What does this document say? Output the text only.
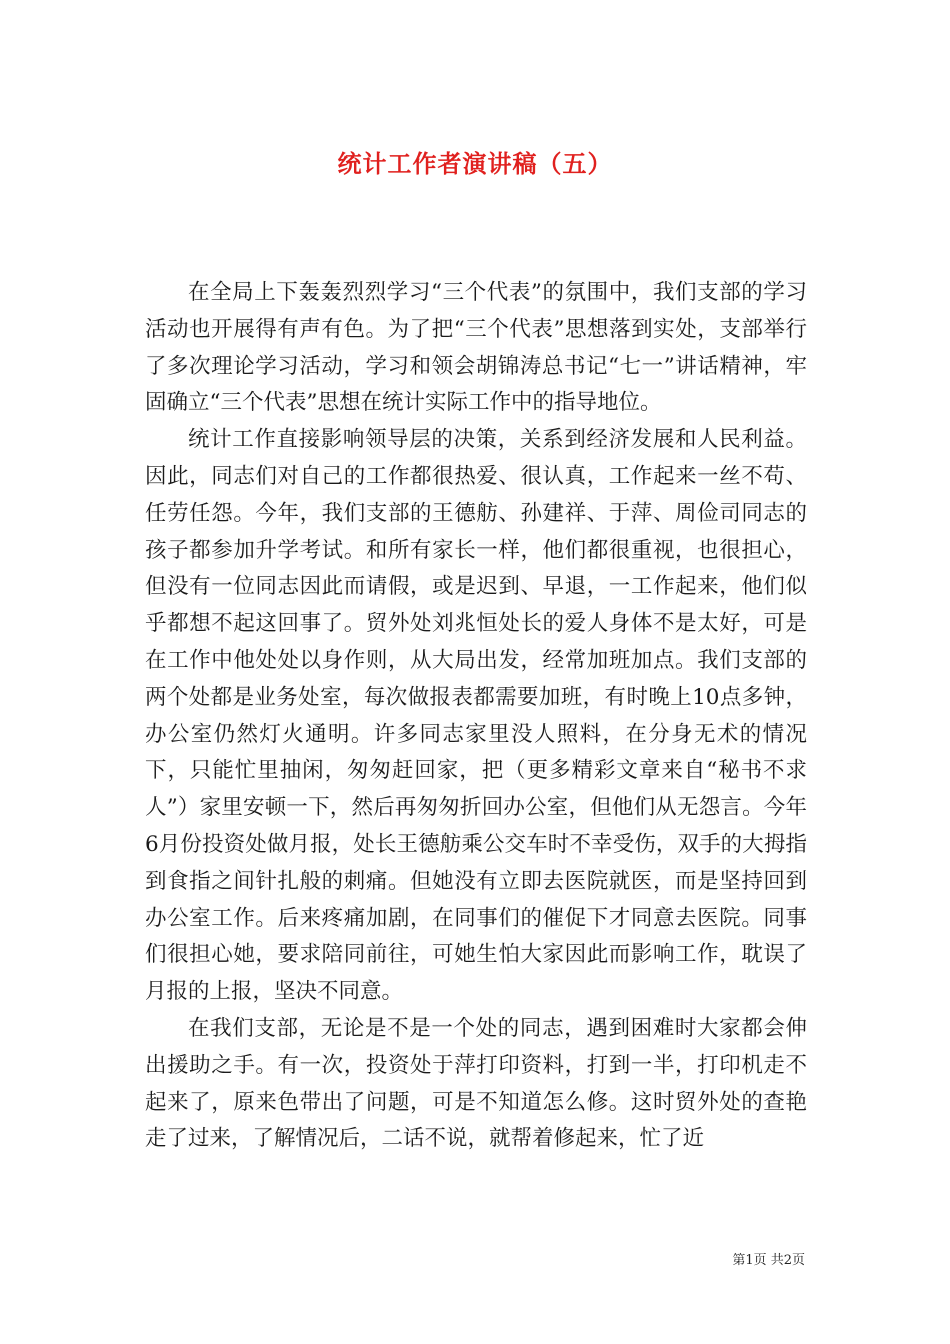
统计工作者演讲稿（五）

在全局上下轰轰烈烈学习“三个代表”的氛围中，我们支部的学习活动也开展得有声有色。为了把“三个代表”思想落到实处，支部举行了多次理论学习活动，学习和领会胡锦涛总书记“七一”讲话精神，牢固确立“三个代表”思想在统计实际工作中的指导地位。

统计工作直接影响领导层的决策，关系到经济发展和人民利益。因此，同志们对自己的工作都很热爱、很认真，工作起来一丝不苟、任劳任怨。今年，我们支部的王德舫、孙建祥、于萍、周俭司同志的孩子都参加升学考试。和所有家长一样，他们都很重视，也很担心，但没有一位同志因此而请假，或是迟到、早退，一工作起来，他们似乎都想不起这回事了。贸外处刘兆恒处长的爱人身体不是太好，可是在工作中他处处以身作则，从大局出发，经常加班加点。我们支部的两个处都是业务处室，每次做报表都需要加班，有时晚上10点多钟，办公室仍然灯火通明。许多同志家里没人照料，在分身无术的情况下，只能忙里抽闲，匆匆赶回家，把（更多精彩文章来自“秘书不求人”）家里安顿一下，然后再匆匆折回办公室，但他们从无怨言。今年6月份投资处做月报，处长王德舫乘公交车时不幸受伤，双手的大拇指到食指之间针扎般的刺痛。但她没有立即去医院就医，而是坚持回到办公室工作。后来疼痛加剧，在同事们的催促下才同意去医院。同事们很担心她，要求陪同前往，可她生怕大家因此而影响工作，耽误了月报的上报，坚决不同意。

在我们支部，无论是不是一个处的同志，遇到困难时大家都会伸出援助之手。有一次，投资处于萍打印资料，打到一半，打印机走不起来了，原来色带出了问题，可是不知道怎么修。这时贸外处的查艳走了过来，了解情况后，二话不说，就帮着修起来，忙了近

第1页 共2页
